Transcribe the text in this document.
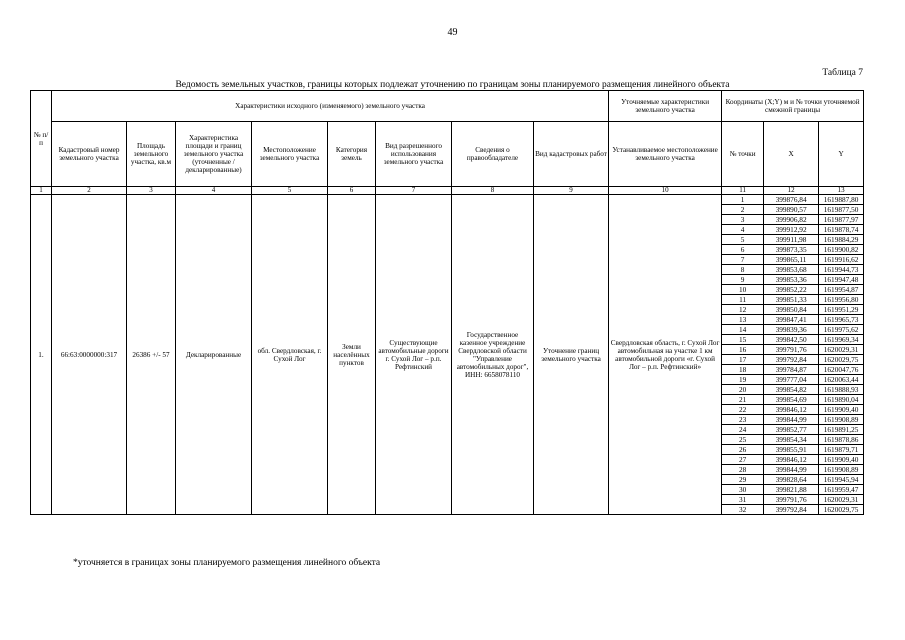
49
Таблица 7
Ведомость земельных участков, границы которых подлежат уточнению по границам зоны планируемого размещения линейного объекта
№ п/п	Характеристики исходного (изменяемого) земельного участка								Уточняемые характеристики земельного участка	Координаты (X;Y) м и № точки уточняемой смежной границы		
	Кадастровый номер земельного участка	Площадь земельного участка, кв.м	Характеристика площади и границ земельного участка (уточненные / декларированные)	Местоположение земельного участка	Категория земель	Вид разрешенного использования земельного участка	Сведения о правообладателе	Вид кадастровых работ	Устанавливаемое местоположение земельного участка	№ точки	X	Y
1	2	3	4	5	6	7	8	9	10	11	12	13
1.	66:63:0000000:317	26386 +/- 57	Декларированные	обл. Свердловская, г. Сухой Лог	Земли населённых пунктов	Существующие автомобильные дороги г. Сухой Лог – р.п. Рефтинский	Государственное казенное учреждение Свердловской области "Управление автомобильных дорог", ИНН: 6658078110	Уточнение границ земельного участка	Свердловская область, г. Сухой Лог автомобильная на участке 1 км автомобильной дороги «г. Сухой Лог – р.п. Рефтинский»	1	399876,84	1619887,80
										2	399890,57	1619877,50
										3	399906,82	1619877,97
										4	399912,92	1619878,74
										5	399911,98	1619884,29
										6	399873,35	1619900,82
										7	399865,11	1619916,62
										8	399853,68	1619944,73
										9	399853,36	1619947,48
										10	399852,22	1619954,87
										11	399851,33	1619956,80
										12	399850,84	1619951,29
										13	399847,41	1619965,73
										14	399839,36	1619975,62
										15	399842,50	1619969,34
										16	399791,76	1620029,31
										17	399792,84	1620029,75
										18	399784,87	1620047,76
										19	399777,04	1620063,44
										20	399854,82	1619888,93
										21	399854,69	1619890,04
										22	399846,12	1619909,40
										23	399844,99	1619908,89
										24	399852,77	1619891,25
										25	399854,34	1619878,86
										26	399855,91	1619879,71
										27	399846,12	1619909,40
										28	399844,99	1619908,89
										29	399828,64	1619945,94
										30	399821,88	1619959,47
										31	399791,76	1620029,31
										32	399792,84	1620029,75
*уточняется в границах зоны планируемого размещения линейного объекта
